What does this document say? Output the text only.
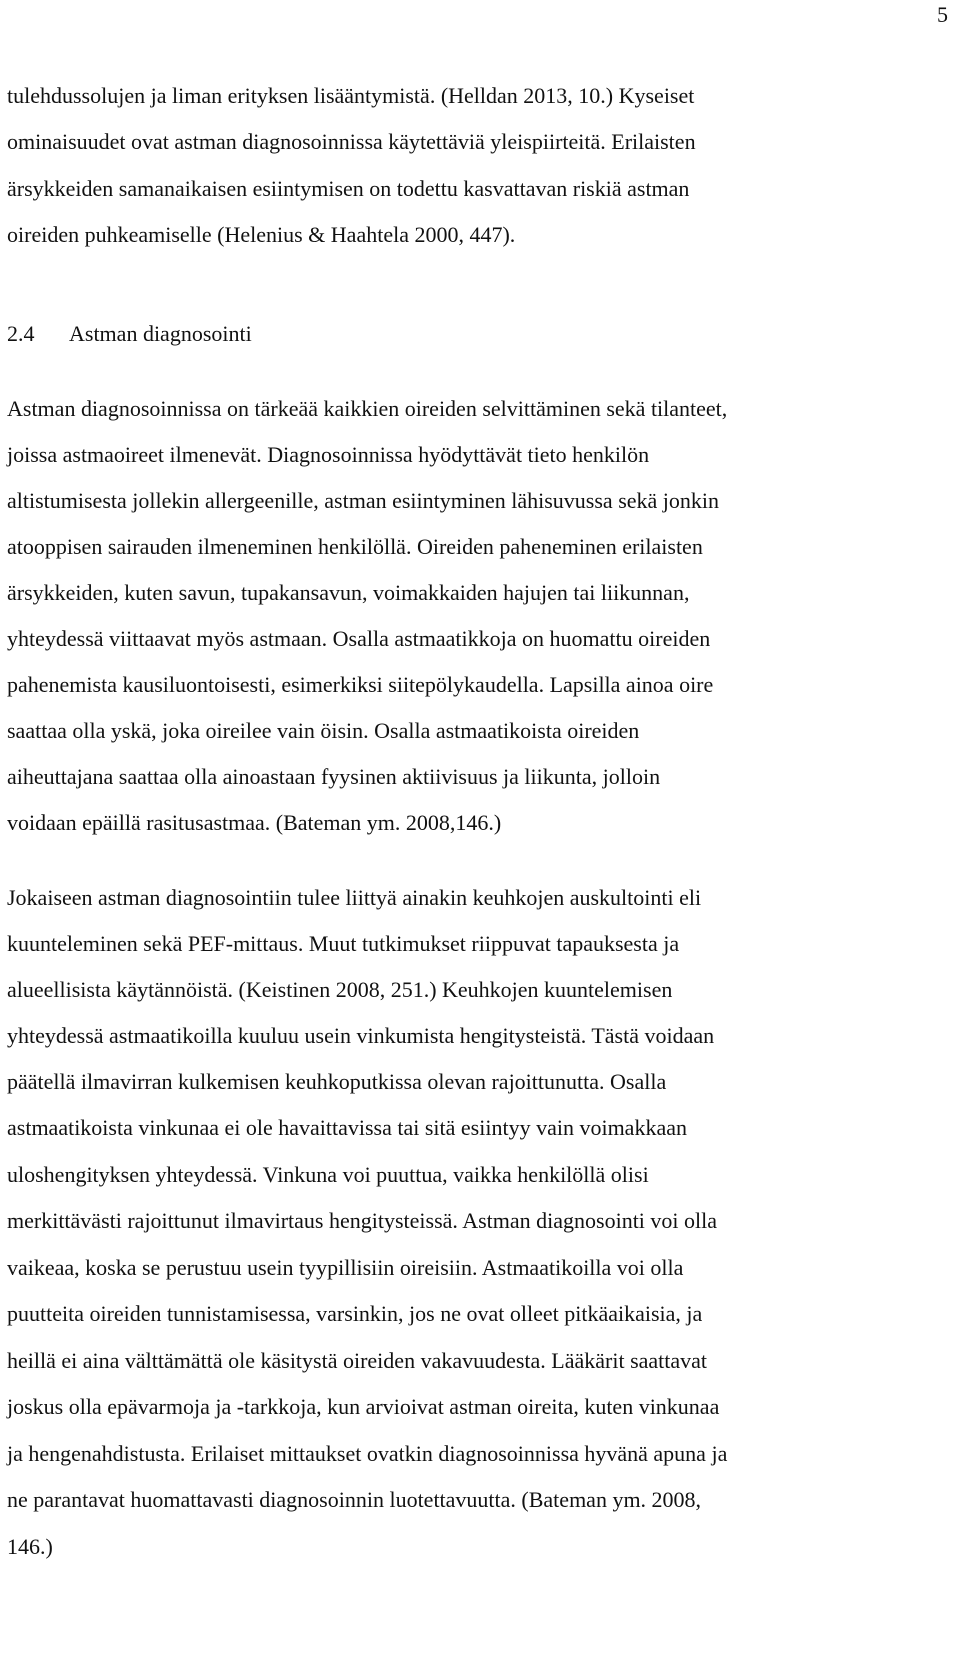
5
tulehdussolujen ja liman erityksen lisääntymistä. (Helldan 2013, 10.) Kyseiset
ominaisuudet ovat astman diagnosoinnissa käytettäviä yleispiirteitä. Erilaisten
ärsykkeiden samanaikaisen esiintymisen on todettu kasvattavan riskiä astman
oireiden puhkeamiselle (Helenius & Haahtela 2000, 447).
2.4 Astman diagnosointi
Astman diagnosoinnissa on tärkeää kaikkien oireiden selvittäminen sekä tilanteet,
joissa astmaoireet ilmenevät. Diagnosoinnissa hyödyttävät tieto henkilön
altistumisesta jollekin allergeenille, astman esiintyminen lähisuvussa sekä jonkin
atooppisen sairauden ilmeneminen henkilöllä. Oireiden paheneminen erilaisten
ärsykkeiden, kuten savun, tupakansavun, voimakkaiden hajujen tai liikunnan,
yhteydessä viittaavat myös astmaan. Osalla astmaatikkoja on huomattu oireiden
pahenemista kausiluontoisesti, esimerkiksi siitepölykaudella. Lapsilla ainoa oire
saattaa olla yskä, joka oireilee vain öisin. Osalla astmaatikoista oireiden
aiheuttajana saattaa olla ainoastaan fyysinen aktiivisuus ja liikunta, jolloin
voidaan epäillä rasitusastmaa. (Bateman ym. 2008,146.)
Jokaiseen astman diagnosointiin tulee liittyä ainakin keuhkojen auskultointi eli
kuunteleminen sekä PEF-mittaus. Muut tutkimukset riippuvat tapauksesta ja
alueellisista käytännöistä. (Keistinen 2008, 251.) Keuhkojen kuuntelemisen
yhteydessä astmaatikoilla kuuluu usein vinkumista hengitysteistä. Tästä voidaan
päätellä ilmavirran kulkemisen keuhkoputkissa olevan rajoittunutta. Osalla
astmaatikoista vinkunaa ei ole havaittavissa tai sitä esiintyy vain voimakkaan
uloshengityksen yhteydessä. Vinkuna voi puuttua, vaikka henkilöllä olisi
merkittävästi rajoittunut ilmavirtaus hengitysteissä. Astman diagnosointi voi olla
vaikeaa, koska se perustuu usein tyypillisiin oireisiin. Astmaatikoilla voi olla
puutteita oireiden tunnistamisessa, varsinkin, jos ne ovat olleet pitkäaikaisia, ja
heillä ei aina välttämättä ole käsitystä oireiden vakavuudesta. Lääkärit saattavat
joskus olla epävarmoja ja -tarkkoja, kun arvioivat astman oireita, kuten vinkunaa
ja hengenahdistusta. Erilaiset mittaukset ovatkin diagnosoinnissa hyvänä apuna ja
ne parantavat huomattavasti diagnosoinnin luotettavuutta. (Bateman ym. 2008,
146.)
